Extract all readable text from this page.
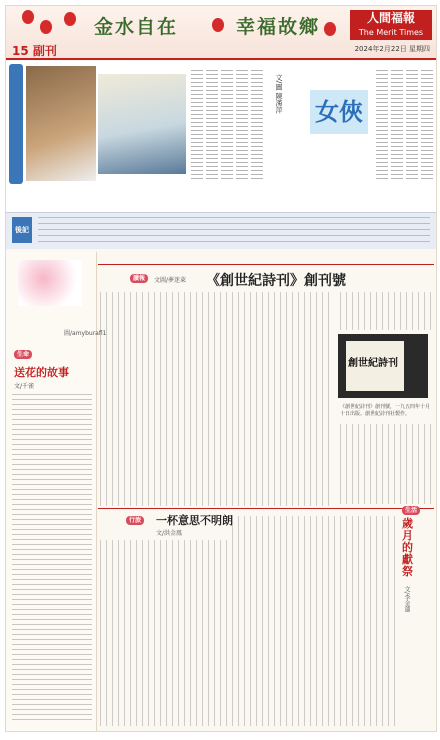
15 副刊
金水自在	幸福故鄉	人間福報
The Merit Times
2024年2月22日 星期四
文/圖 陳漢萍 女俠
後記
圖/amyburafl1
生命
送花的故事
文/千雀
讀報	文圖/夢迷萊 《創世紀詩刊》創刊號
創世紀詩刊
《創世紀詩刊》創刊號，一九五四年十月十日出版。創世紀詩刊社製作。
行旅 一杯意思不明朗
文/洪金鳳
生活
歲月的獻祭
文/李金蓮
